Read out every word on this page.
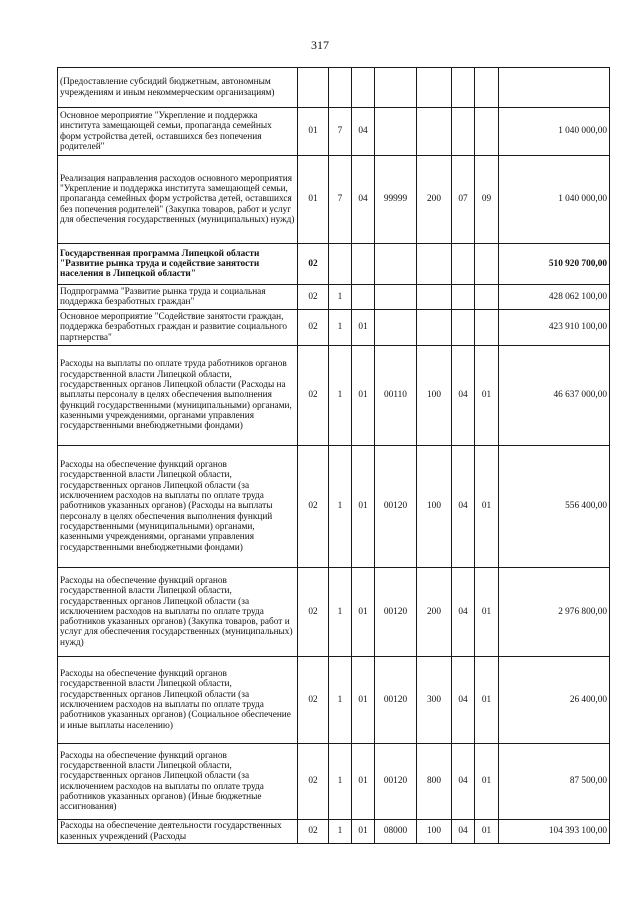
317
(Предоставление субсидий бюджетным, автономным учреждениям и иным некоммерческим организациям)								
Основное мероприятие "Укрепление и поддержка института замещающей семьи, пропаганда семейных форм устройства детей, оставшихся без попечения родителей"	01	7	04					1 040 000,00
Реализация направления расходов основного мероприятия "Укрепление и поддержка института замещающей семьи, пропаганда семейных форм устройства детей, оставшихся без попечения родителей" (Закупка товаров, работ и услуг для обеспечения государственных (муниципальных) нужд)	01	7	04	99999	200	07	09	1 040 000,00
Государственная программа Липецкой области "Развитие рынка труда и содействие занятости населения в Липецкой области"	02							510 920 700,00
Подпрограмма "Развитие рынка труда и социальная поддержка безработных граждан"	02	1						428 062 100,00
Основное мероприятие "Содействие занятости граждан, поддержка безработных граждан и развитие социального партнерства"	02	1	01					423 910 100,00
Расходы на выплаты по оплате труда работников органов государственной власти Липецкой области, государственных органов Липецкой области (Расходы на выплаты персоналу в целях обеспечения выполнения функций государственными (муниципальными) органами, казенными учреждениями, органами управления государственными внебюджетными фондами)	02	1	01	00110	100	04	01	46 637 000,00
Расходы на обеспечение функций органов государственной власти Липецкой области, государственных органов Липецкой области (за исключением расходов на выплаты по оплате труда работников указанных органов) (Расходы на выплаты персоналу в целях обеспечения выполнения функций государственными (муниципальными) органами, казенными учреждениями, органами управления государственными внебюджетными фондами)	02	1	01	00120	100	04	01	556 400,00
Расходы на обеспечение функций органов государственной власти Липецкой области, государственных органов Липецкой области (за исключением расходов на выплаты по оплате труда работников указанных органов) (Закупка товаров, работ и услуг для обеспечения государственных (муниципальных) нужд)	02	1	01	00120	200	04	01	2 976 800,00
Расходы на обеспечение функций органов государственной власти Липецкой области, государственных органов Липецкой области (за исключением расходов на выплаты по оплате труда работников указанных органов) (Социальное обеспечение и иные выплаты населению)	02	1	01	00120	300	04	01	26 400,00
Расходы на обеспечение функций органов государственной власти Липецкой области, государственных органов Липецкой области (за исключением расходов на выплаты по оплате труда работников указанных органов) (Иные бюджетные ассигнования)	02	1	01	00120	800	04	01	87 500,00
Расходы на обеспечение деятельности государственных казенных учреждений (Расходы	02	1	01	08000	100	04	01	104 393 100,00
